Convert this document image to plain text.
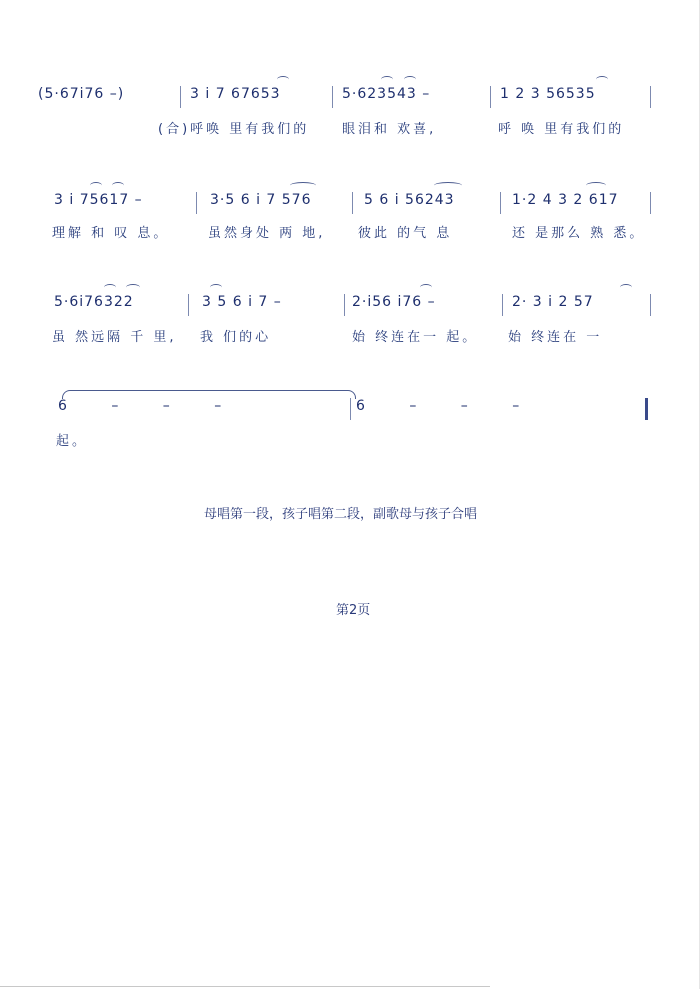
(5·67i76 –)	3 i 7 67653	5·623543 –	1 2 3 56535
(合)呼唤 里有我们的	眼泪和 欢喜,	呼 唤 里有我们的
3 i 75617 –	3·5 6 i 7 576	5 6 i 56243	1·2 4 3 2 617
理解 和 叹 息。	虽然身处 两 地,	彼此 的气 息	还 是那么 熟 悉。
5·6i76322	3 5 6 i 7 –	2·i56 i76 –	2· 3 i 2 57
虽 然远隔 千 里, 我 们的心	始 终连在一 起。 始 终连在 一
6 – – –	6 – – –
起。
母唱第一段，孩子唱第二段，副歌母与孩子合唱
第2页
